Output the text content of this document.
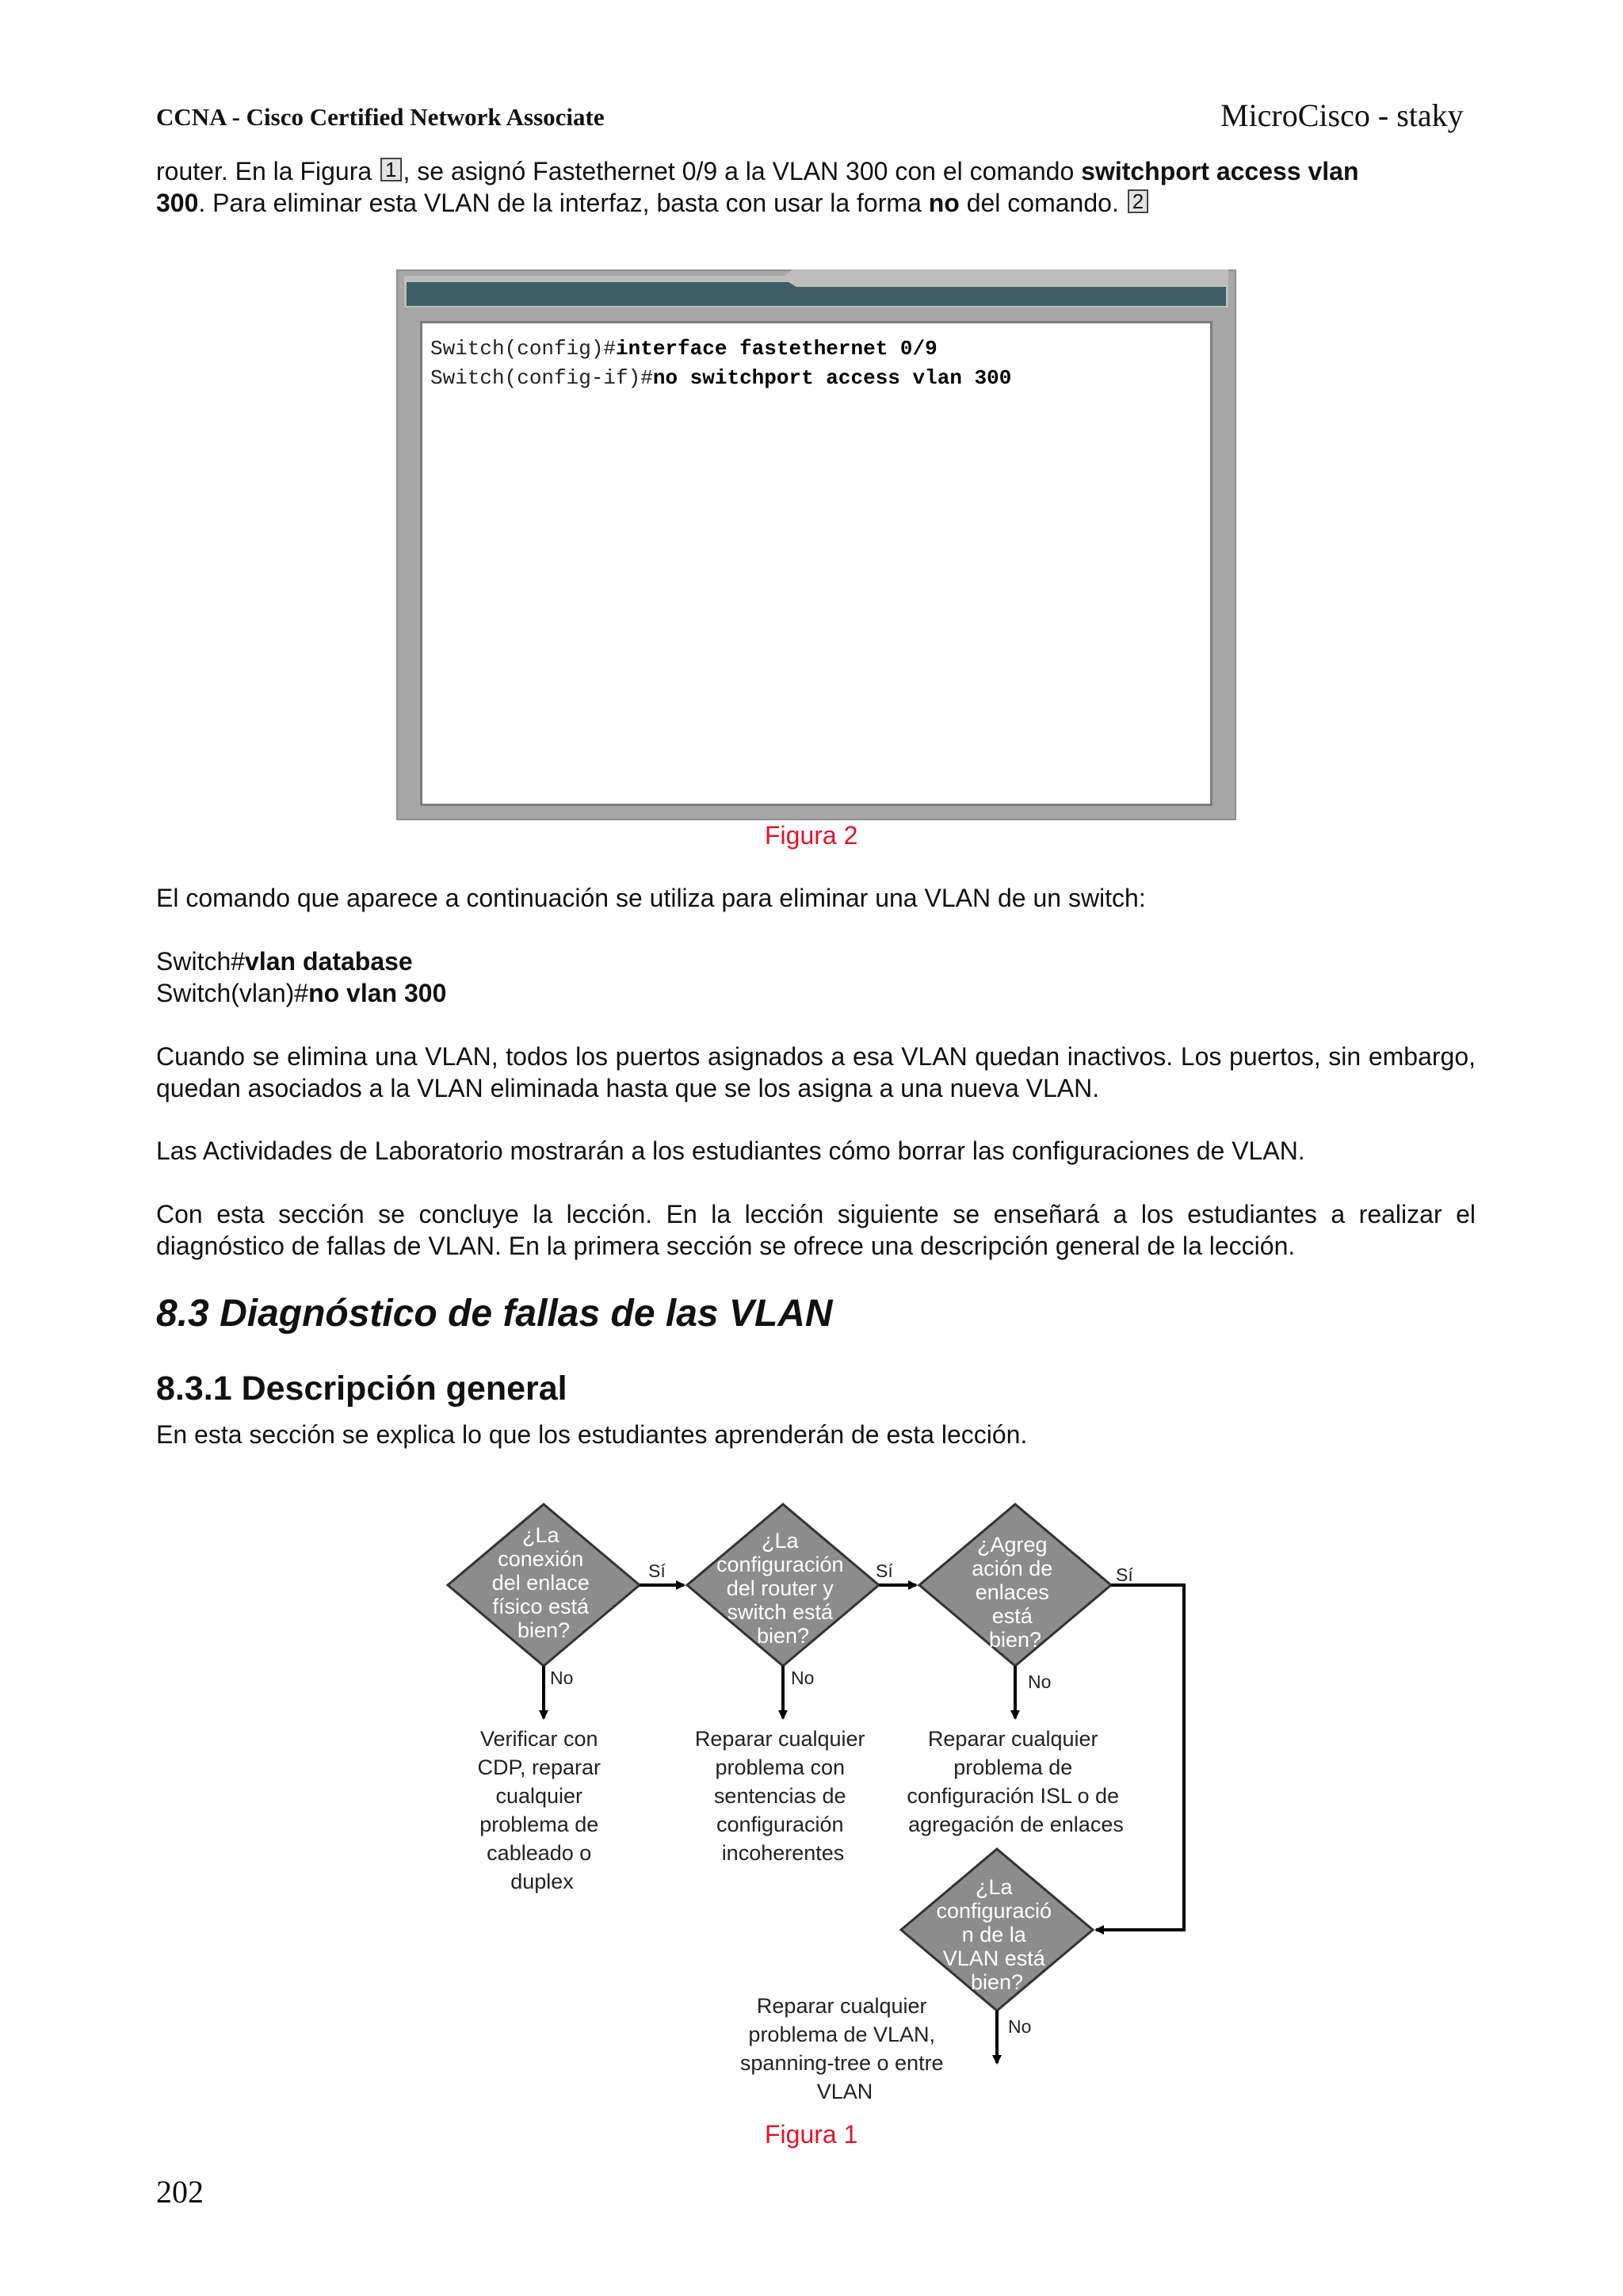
CCNA - Cisco Certified Network Associate	MicroCisco - staky
router. En la Figura 1 , se asignó Fastethernet 0/9 a la VLAN 300 con el comando switchport access vlan
300. Para eliminar esta VLAN de la interfaz, basta con usar la forma no del comando. 2
Switch(config)#interface fastethernet 0/9
Switch(config-if)#no switchport access vlan 300
Figura 2
El comando que aparece a continuación se utiliza para eliminar una VLAN de un switch:
Switch#vlan database
Switch(vlan)#no vlan 300
Cuando se elimina una VLAN, todos los puertos asignados a esa VLAN quedan inactivos. Los puertos, sin embargo, quedan asociados a la VLAN eliminada hasta que se los asigna a una nueva VLAN.
Las Actividades de Laboratorio mostrarán a los estudiantes cómo borrar las configuraciones de VLAN.
Con esta sección se concluye la lección. En la lección siguiente se enseñará a los estudiantes a realizar el diagnóstico de fallas de VLAN. En la primera sección se ofrece una descripción general de la lección.
8.3 Diagnóstico de fallas de las VLAN
8.3.1 Descripción general
En esta sección se explica lo que los estudiantes aprenderán de esta lección.
¿La conexión del enlace físico está bien?
¿La configuración del router y switch está bien?
¿Agreg ación de enlaces está bien?
¿La configuració n de la VLAN está bien?
Sí	Sí	Sí
No	No	No
No
Verificar con CDP, reparar cualquier problema de cableado o duplex
Reparar cualquier problema con sentencias de configuración incoherentes
Reparar cualquier problema de configuración ISL o de agregación de enlaces
Reparar cualquier problema de VLAN, spanning-tree o entre VLAN
Figura 1
202
